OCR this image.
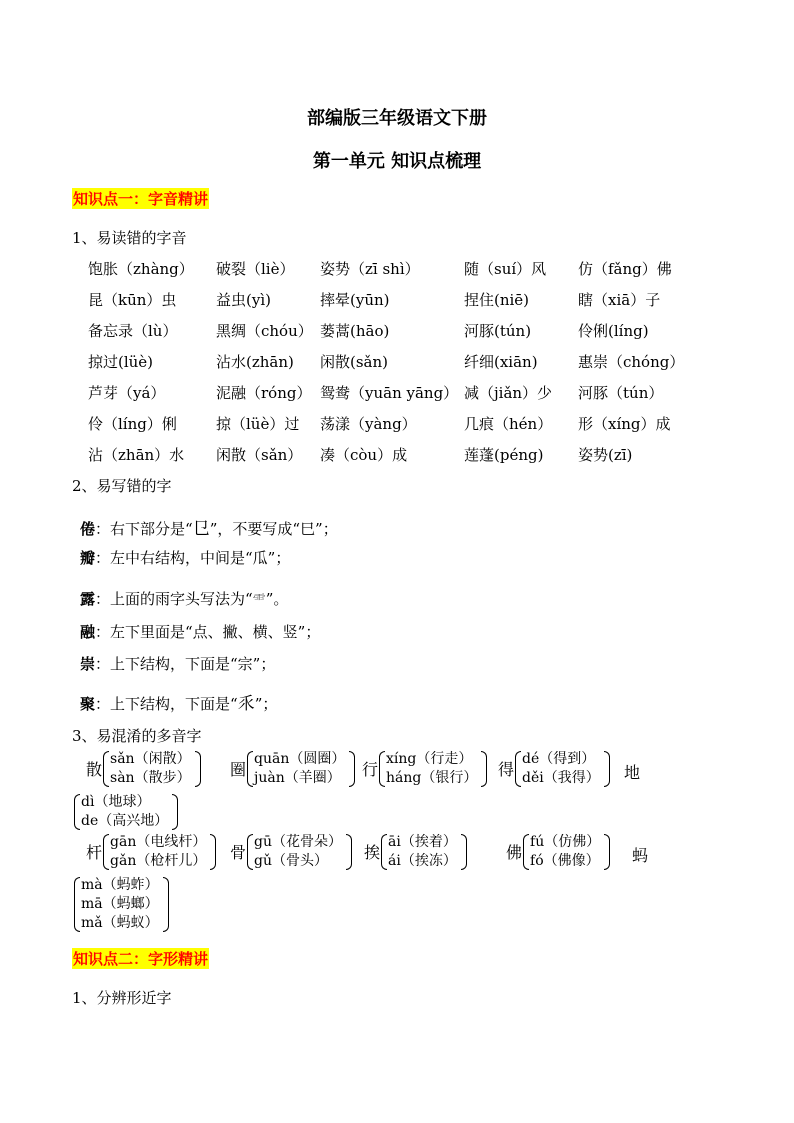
部编版三年级语文下册
第一单元 知识点梳理
知识点一：字音精讲
1、易读错的字音
饱胀（zhàng） 破裂（liè） 姿势（zī shì）	随（suí）风 仿（fǎng）佛
昆（kūn）虫	益虫(yì)	摔晕(yūn)	捏住(niē)	瞎（xiā）子
备忘录（lù）	黑绸（chóu） 蒌蒿(hāo)	河豚(tún)	伶俐(líng)
掠过(lüè)	沾水(zhān) 闲散(sǎn)	纤细(xiān)	惠崇（chóng）
芦芽（yá）	泥融（róng） 鸳鸯（yuān yāng） 减（jiǎn）少 河豚（tún）
伶（líng）俐	掠（lüè）过 荡漾（yàng）	几痕（hén） 形（xíng）成
沾（zhān）水 闲散（sǎn） 凑（còu）成	莲蓬(péng) 姿势(zī)
2、易写错的字
倦：右下部分是“㔾”，不要写成“巳”；
瓣：左中右结构，中间是“瓜”；
露：上面的雨字头写法为“⻗”。
融：左下里面是“点、撇、横、竖”；
崇：上下结构，下面是“宗”；
聚：上下结构，下面是“乑”；
3、易混淆的多音字
散
sǎn（闲散）
sàn（散步） 圈
quān（圆圈）
juàn（羊圈） 行
xíng（行走）
háng（银行） 得
dé（得到）
děi（我得） 地
dì（地球）
de（高兴地）
杆
gān（电线杆）
gǎn（枪杆儿） 骨
gū（花骨朵）
gǔ（骨头）	挨
āi（挨着）
ái（挨冻）	佛
fú（仿佛）
fó（佛像） 蚂
mà（蚂蚱）
mā（蚂螂）
mǎ（蚂蚁）
知识点二：字形精讲
1、分辨形近字
